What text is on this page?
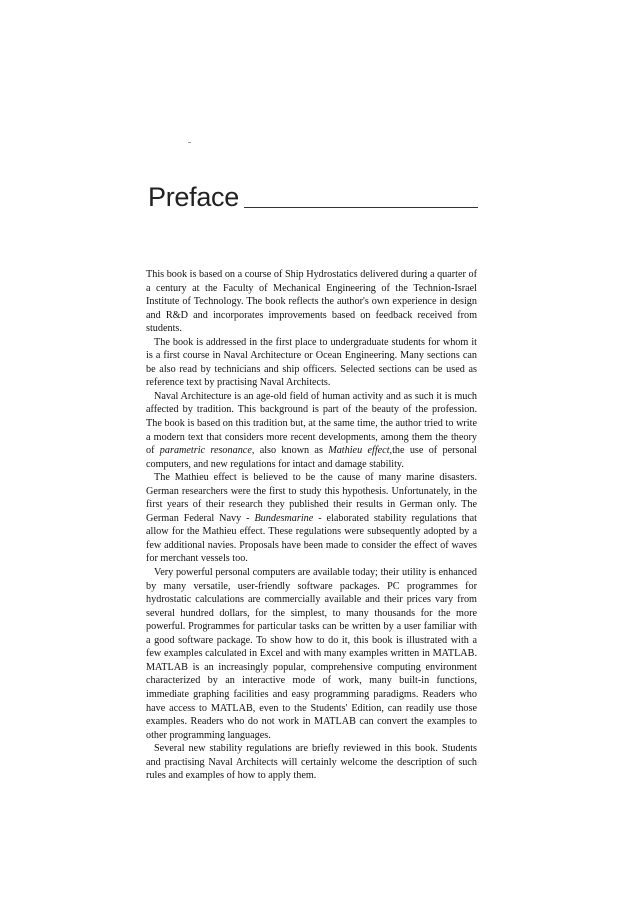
Preface

This book is based on a course of Ship Hydrostatics delivered during a quarter of a century at the Faculty of Mechanical Engineering of the Technion-Israel Institute of Technology. The book reflects the author's own experience in design and R&D and incorporates improvements based on feedback received from students.

The book is addressed in the first place to undergraduate students for whom it is a first course in Naval Architecture or Ocean Engineering. Many sections can be also read by technicians and ship officers. Selected sections can be used as reference text by practising Naval Architects.

Naval Architecture is an age-old field of human activity and as such it is much affected by tradition. This background is part of the beauty of the profession. The book is based on this tradition but, at the same time, the author tried to write a modern text that considers more recent developments, among them the theory of parametric resonance, also known as Mathieu effect,the use of personal computers, and new regulations for intact and damage stability.

The Mathieu effect is believed to be the cause of many marine disasters. German researchers were the first to study this hypothesis. Unfortunately, in the first years of their research they published their results in German only. The German Federal Navy - Bundesmarine - elaborated stability regulations that allow for the Mathieu effect. These regulations were subsequently adopted by a few additional navies. Proposals have been made to consider the effect of waves for merchant vessels too.

Very powerful personal computers are available today; their utility is enhanced by many versatile, user-friendly software packages. PC programmes for hydrostatic calculations are commercially available and their prices vary from several hundred dollars, for the simplest, to many thousands for the more powerful. Programmes for particular tasks can be written by a user familiar with a good software package. To show how to do it, this book is illustrated with a few examples calculated in Excel and with many examples written in MATLAB. MATLAB is an increasingly popular, comprehensive computing environment characterized by an interactive mode of work, many built-in functions, immediate graphing facilities and easy programming paradigms. Readers who have access to MATLAB, even to the Students' Edition, can readily use those examples. Readers who do not work in MATLAB can convert the examples to other programming languages.

Several new stability regulations are briefly reviewed in this book. Students and practising Naval Architects will certainly welcome the description of such rules and examples of how to apply them.
